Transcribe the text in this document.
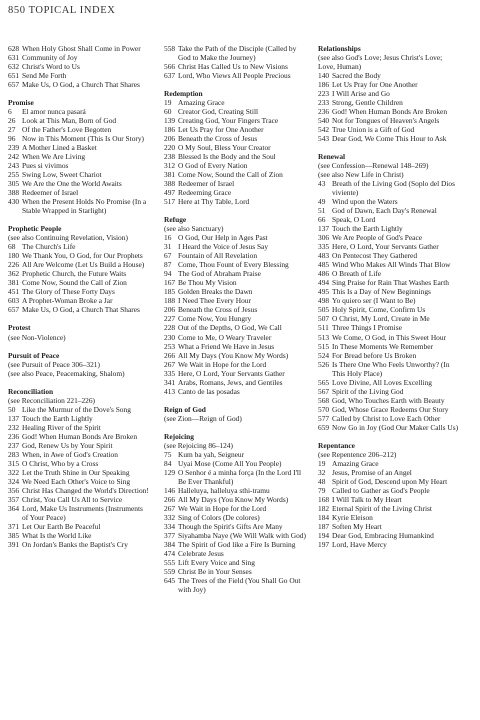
850 TOPICAL INDEX
628 When Holy Ghost Shall Come in Power
631 Community of Joy
632 Christ's Word to Us
651 Send Me Forth
657 Make Us, O God, a Church That Shares
Promise
6 El amor nunca pasará
26 Look at This Man, Born of God
27 Of the Father's Love Begotten
96 Now in This Moment (This Is Our Story)
239 A Mother Lined a Basket
242 When We Are Living
243 Pues si vivimos
255 Swing Low, Sweet Chariot
305 We Are the One the World Awaits
388 Redeemer of Israel
430 When the Present Holds No Promise (In a Stable Wrapped in Starlight)
Prophetic People
(see also Continuing Revelation, Vision)
68 The Church's Life
180 We Thank You, O God, for Our Prophets
226 All Are Welcome (Let Us Build a House)
362 Prophetic Church, the Future Waits
381 Come Now, Sound the Call of Zion
451 The Glory of These Forty Days
603 A Prophet-Woman Broke a Jar
657 Make Us, O God, a Church That Shares
Protest
(see Non-Violence)
Pursuit of Peace
(see Pursuit of Peace 306–321)
(see also Peace, Peacemaking, Shalom)
Reconciliation
(see Reconciliation 221–226)
50 Like the Murmur of the Dove's Song
137 Touch the Earth Lightly
232 Healing River of the Spirit
236 God! When Human Bonds Are Broken
237 God, Renew Us by Your Spirit
283 When, in Awe of God's Creation
315 O Christ, Who by a Cross
322 Let the Truth Shine in Our Speaking
324 We Need Each Other's Voice to Sing
356 Christ Has Changed the World's Direction!
357 Christ, You Call Us All to Service
364 Lord, Make Us Instruments (Instruments of Your Peace)
371 Let Our Earth Be Peaceful
385 What Is the World Like
391 On Jordan's Banks the Baptist's Cry
558 Take the Path of the Disciple (Called by God to Make the Journey)
566 Christ Has Called Us to New Visions
637 Lord, Who Views All People Precious
Redemption
19 Amazing Grace
60 Creator God, Creating Still
139 Creating God, Your Fingers Trace
186 Let Us Pray for One Another
206 Beneath the Cross of Jesus
220 O My Soul, Bless Your Creator
238 Blessed Is the Body and the Soul
312 O God of Every Nation
381 Come Now, Sound the Call of Zion
388 Redeemer of Israel
497 Redeeming Grace
517 Here at Thy Table, Lord
Refuge
(see also Sanctuary)
16 O God, Our Help in Ages Past
31 I Heard the Voice of Jesus Say
67 Fountain of All Revelation
87 Come, Thou Fount of Every Blessing
94 The God of Abraham Praise
167 Be Thou My Vision
185 Golden Breaks the Dawn
188 I Need Thee Every Hour
206 Beneath the Cross of Jesus
227 Come Now, You Hungry
228 Out of the Depths, O God, We Call
230 Come to Me, O Weary Traveler
253 What a Friend We Have in Jesus
266 All My Days (You Know My Words)
267 We Wait in Hope for the Lord
335 Here, O Lord, Your Servants Gather
341 Arabs, Romans, Jews, and Gentiles
413 Canto de las posadas
Reign of God
(see Zion—Reign of God)
Rejoicing
(see Rejoicing 86–124)
75 Kum ba yah, Seigneur
84 Uyai Mose (Come All You People)
129 O Senhor é a minha força (In the Lord I'll Be Ever Thankful)
146 Halleluya, halleluya sthi-tramu
266 All My Days (You Know My Words)
267 We Wait in Hope for the Lord
332 Sing of Colors (De colores)
334 Though the Spirit's Gifts Are Many
377 Siyahamba Naye (We Will Walk with God)
384 The Spirit of God like a Fire Is Burning
474 Celebrate Jesus
555 Lift Every Voice and Sing
559 Christ Be in Your Senses
645 The Trees of the Field (You Shall Go Out with Joy)
Relationships
(see also God's Love; Jesus Christ's Love; Love, Human)
140 Sacred the Body
186 Let Us Pray for One Another
223 I Will Arise and Go
233 Strong, Gentle Children
236 God! When Human Bonds Are Broken
540 Not for Tongues of Heaven's Angels
542 True Union is a Gift of God
543 Dear God, We Come This Hour to Ask
Renewal
(see Confession—Renewal 148–269)
(see also New Life in Christ)
43 Breath of the Living God (Soplo del Dios viviente)
49 Wind upon the Waters
51 God of Dawn, Each Day's Renewal
66 Speak, O Lord
137 Touch the Earth Lightly
306 We Are People of God's Peace
335 Here, O Lord, Your Servants Gather
483 On Pentecost They Gathered
485 Wind Who Makes All Winds That Blow
486 O Breath of Life
494 Sing Praise for Rain That Washes Earth
495 This Is a Day of New Beginnings
498 Yo quiero ser (I Want to Be)
505 Holy Spirit, Come, Confirm Us
507 O Christ, My Lord, Create in Me
511 Three Things I Promise
513 We Come, O God, in This Sweet Hour
515 In These Moments We Remember
524 For Bread before Us Broken
526 Is There One Who Feels Unworthy? (In This Holy Place)
565 Love Divine, All Loves Excelling
567 Spirit of the Living God
568 God, Who Touches Earth with Beauty
570 God, Whose Grace Redeems Our Story
577 Called by Christ to Love Each Other
659 Now Go in Joy (God Our Maker Calls Us)
Repentance
(see Repentence 206–212)
19 Amazing Grace
32 Jesus, Promise of an Angel
48 Spirit of God, Descend upon My Heart
79 Called to Gather as God's People
168 I Will Talk to My Heart
182 Eternal Spirit of the Living Christ
184 Kyrie Eleison
187 Soften My Heart
194 Dear God, Embracing Humankind
197 Lord, Have Mercy
